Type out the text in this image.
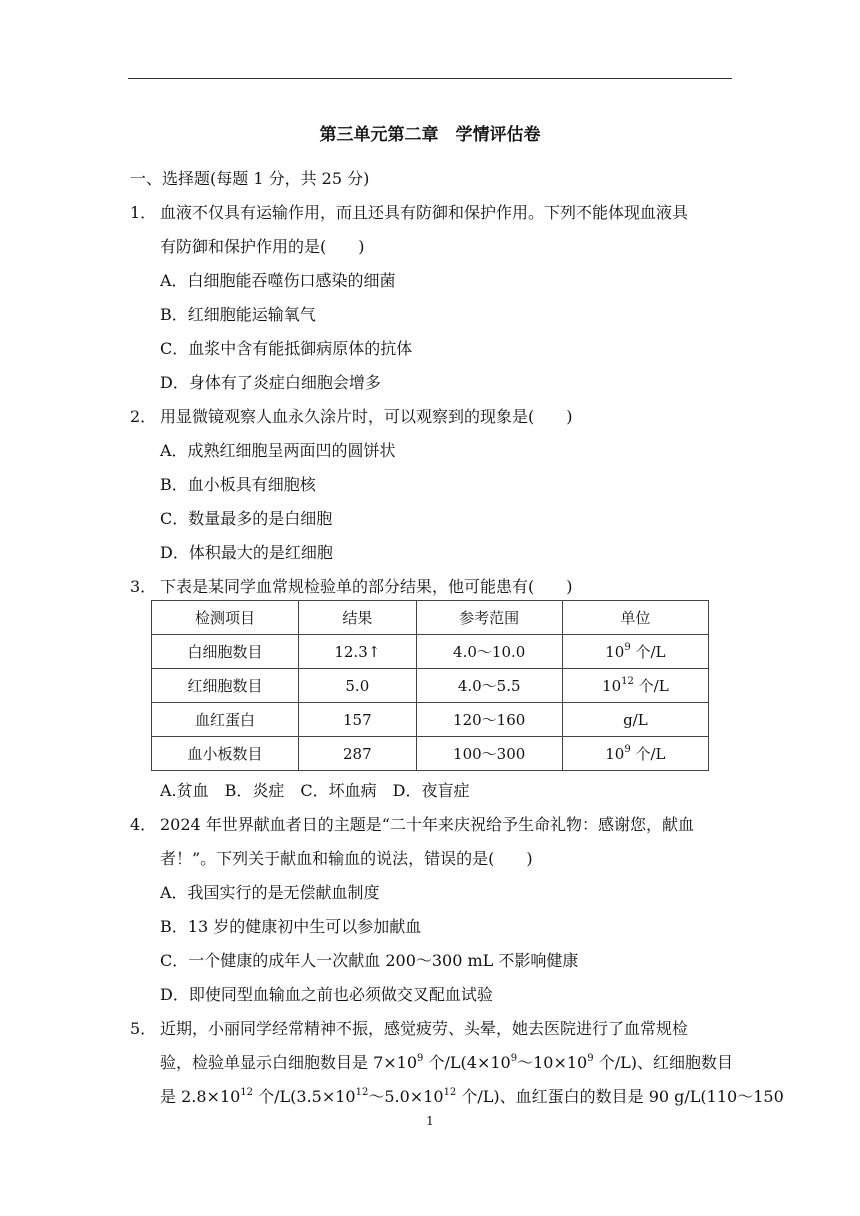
第三单元第二章　学情评估卷
一、选择题(每题 1 分，共 25 分)
1． 血液不仅具有运输作用，而且还具有防御和保护作用。下列不能体现血液具
有防御和保护作用的是(　　)
A．白细胞能吞噬伤口感染的细菌
B．红细胞能运输氧气
C．血浆中含有能抵御病原体的抗体
D．身体有了炎症白细胞会增多
2． 用显微镜观察人血永久涂片时，可以观察到的现象是(　　)
A．成熟红细胞呈两面凹的圆饼状
B．血小板具有细胞核
C．数量最多的是白细胞
D．体积最大的是红细胞
3． 下表是某同学血常规检验单的部分结果，他可能患有(　　)
检测项目	结果	参考范围	单位
白细胞数目	12.3↑	4.0～10.0	$10^9$ 个/L
红细胞数目	5.0	4.0～5.5	$10^{12}$ 个/L
血红蛋白	157	120～160	g/L
血小板数目	287	100～300	$10^9$ 个/L
A.贫血　B．炎症　C．坏血病　D．夜盲症
4． 2024 年世界献血者日的主题是“二十年来庆祝给予生命礼物：感谢您，献血
者！”。下列关于献血和输血的说法，错误的是(　　)
A．我国实行的是无偿献血制度
B．13 岁的健康初中生可以参加献血
C．一个健康的成年人一次献血 200～300 mL 不影响健康
D．即使同型血输血之前也必须做交叉配血试验
5． 近期，小丽同学经常精神不振，感觉疲劳、头晕，她去医院进行了血常规检
验，检验单显示白细胞数目是 $7\times 10^9$ 个$/L(4\times 10^9\sim 10\times 10^9$ 个/L)、红细胞数目
是 $2.8\times 10^{12}$ 个$/L(3.5\times 10^{12}\sim 5.0\times 10^{12}$ 个/L)、血红蛋白的数目是 90 g/L(110～150
1
